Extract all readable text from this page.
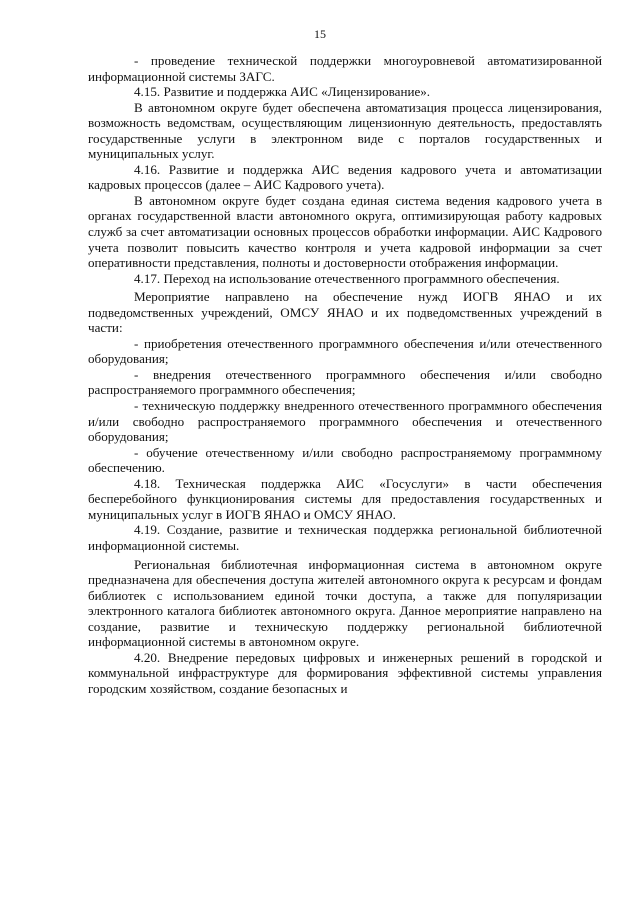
15

- проведение технической поддержки многоуровневой автоматизированной информационной системы ЗАГС.

4.15. Развитие и поддержка АИС «Лицензирование».

В автономном округе будет обеспечена автоматизация процесса лицензирования, возможность ведомствам, осуществляющим лицензионную деятельность, предоставлять государственные услуги в электронном виде с порталов государственных и муниципальных услуг.

4.16. Развитие и поддержка АИС ведения кадрового учета и автоматизации кадровых процессов (далее – АИС Кадрового учета).

В автономном округе будет создана единая система ведения кадрового учета в органах государственной власти автономного округа, оптимизирующая работу кадровых служб за счет автоматизации основных процессов обработки информации. АИС Кадрового учета позволит повысить качество контроля и учета кадровой информации за счет оперативности представления, полноты и достоверности отображения информации.

4.17. Переход на использование отечественного программного обеспечения.

Мероприятие направлено на обеспечение нужд ИОГВ ЯНАО и их подведомственных учреждений, ОМСУ ЯНАО и их подведомственных учреждений в части:

- приобретения отечественного программного обеспечения и/или отечественного оборудования;

- внедрения отечественного программного обеспечения и/или свободно распространяемого программного обеспечения;

- техническую поддержку внедренного отечественного программного обеспечения и/или свободно распространяемого программного обеспечения и отечественного оборудования;

- обучение отечественному и/или свободно распространяемому программному обеспечению.

4.18. Техническая поддержка АИС «Госуслуги» в части обеспечения бесперебойного функционирования системы для предоставления государственных и муниципальных услуг в ИОГВ ЯНАО и ОМСУ ЯНАО.

4.19. Создание, развитие и техническая поддержка региональной библиотечной информационной системы.

Региональная библиотечная информационная система в автономном округе предназначена для обеспечения доступа жителей автономного округа к ресурсам и фондам библиотек с использованием единой точки доступа, а также для популяризации электронного каталога библиотек автономного округа. Данное мероприятие направлено на создание, развитие и техническую поддержку региональной библиотечной информационной системы в автономном округе.

4.20. Внедрение передовых цифровых и инженерных решений в городской и коммунальной инфраструктуре для формирования эффективной системы управления городским хозяйством, создание безопасных и
